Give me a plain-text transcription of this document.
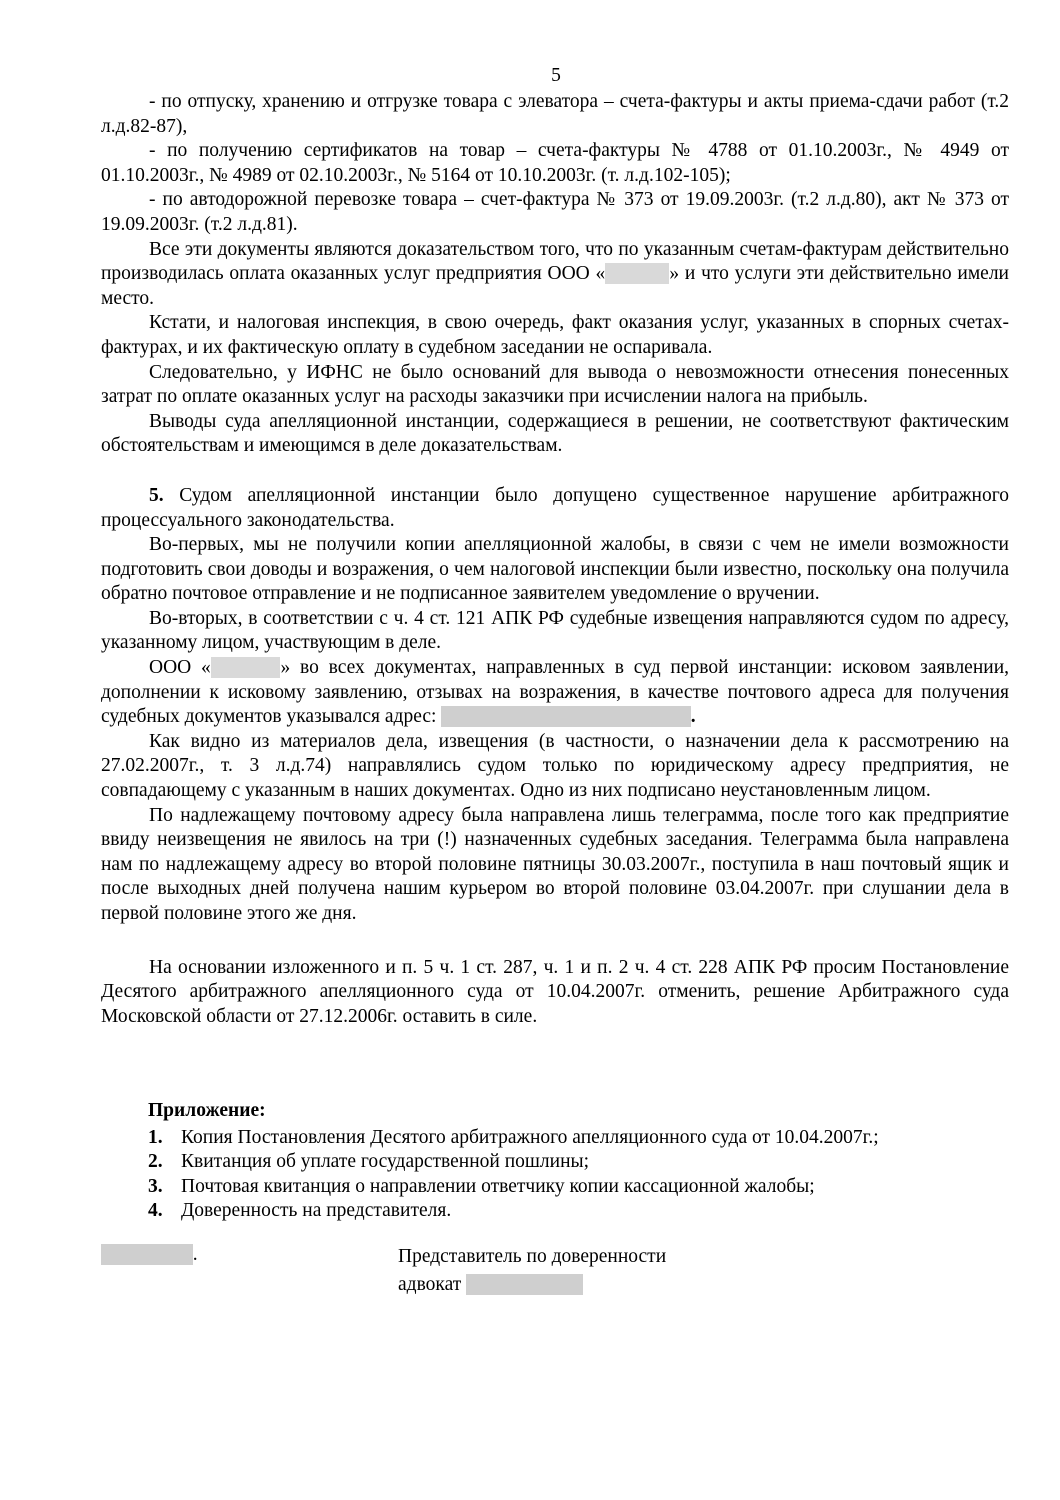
5

- по отпуску, хранению и отгрузке товара с элеватора – счета-фактуры и акты приема-сдачи работ (т.2 л.д.82-87),

- по получению сертификатов на товар – счета-фактуры № 4788 от 01.10.2003г., № 4949 от 01.10.2003г., № 4989 от 02.10.2003г., № 5164 от 10.10.2003г. (т. л.д.102-105);

- по автодорожной перевозке товара – счет-фактура № 373 от 19.09.2003г. (т.2 л.д.80), акт № 373 от 19.09.2003г. (т.2 л.д.81).

Все эти документы являются доказательством того, что по указанным счетам-фактурам действительно производилась оплата оказанных услуг предприятия ООО «	» и что услуги эти действительно имели место.

Кстати, и налоговая инспекция, в свою очередь, факт оказания услуг, указанных в спорных счетах-фактурах, и их фактическую оплату в судебном заседании не оспаривала.

Следовательно, у ИФНС не было оснований для вывода о невозможности отнесения понесенных затрат по оплате оказанных услуг на расходы заказчики при исчислении налога на прибыль.

Выводы суда апелляционной инстанции, содержащиеся в решении, не соответствуют фактическим обстоятельствам и имеющимся в деле доказательствам.

5. Судом апелляционной инстанции было допущено существенное нарушение арбитражного процессуального законодательства.

Во-первых, мы не получили копии апелляционной жалобы, в связи с чем не имели возможности подготовить свои доводы и возражения, о чем налоговой инспекции были известно, поскольку она получила обратно почтовое отправление и не подписанное заявителем уведомление о вручении.

Во-вторых, в соответствии с ч. 4 ст. 121 АПК РФ судебные извещения направляются судом по адресу, указанному лицом, участвующим в деле.

ООО «	» во всех документах, направленных в суд первой инстанции: исковом заявлении, дополнении к исковому заявлению, отзывах на возражения, в качестве почтового адреса для получения судебных документов указывался адрес:	.

Как видно из материалов дела, извещения (в частности, о назначении дела к рассмотрению на 27.02.2007г., т. 3 л.д.74) направлялись судом только по юридическому адресу предприятия, не совпадающему с указанным в наших документах. Одно из них подписано неустановленным лицом.

По надлежащему почтовому адресу была направлена лишь телеграмма, после того как предприятие ввиду неизвещения не явилось на три (!) назначенных судебных заседания. Телеграмма была направлена нам по надлежащему адресу во второй половине пятницы 30.03.2007г., поступила в наш почтовый ящик и после выходных дней получена нашим курьером во второй половине 03.04.2007г. при слушании дела в первой половине этого же дня.

На основании изложенного и п. 5 ч. 1 ст. 287, ч. 1 и п. 2 ч. 4 ст. 228 АПК РФ просим Постановление Десятого арбитражного апелляционного суда от 10.04.2007г. отменить, решение Арбитражного суда Московской области от 27.12.2006г. оставить в силе.

Приложение:
1. Копия Постановления Десятого арбитражного апелляционного суда от 10.04.2007г.;
2. Квитанция об уплате государственной пошлины;
3. Почтовая квитанция о направлении ответчику копии кассационной жалобы;
4. Доверенность на представителя.
.	Представитель по доверенности
адвокат
